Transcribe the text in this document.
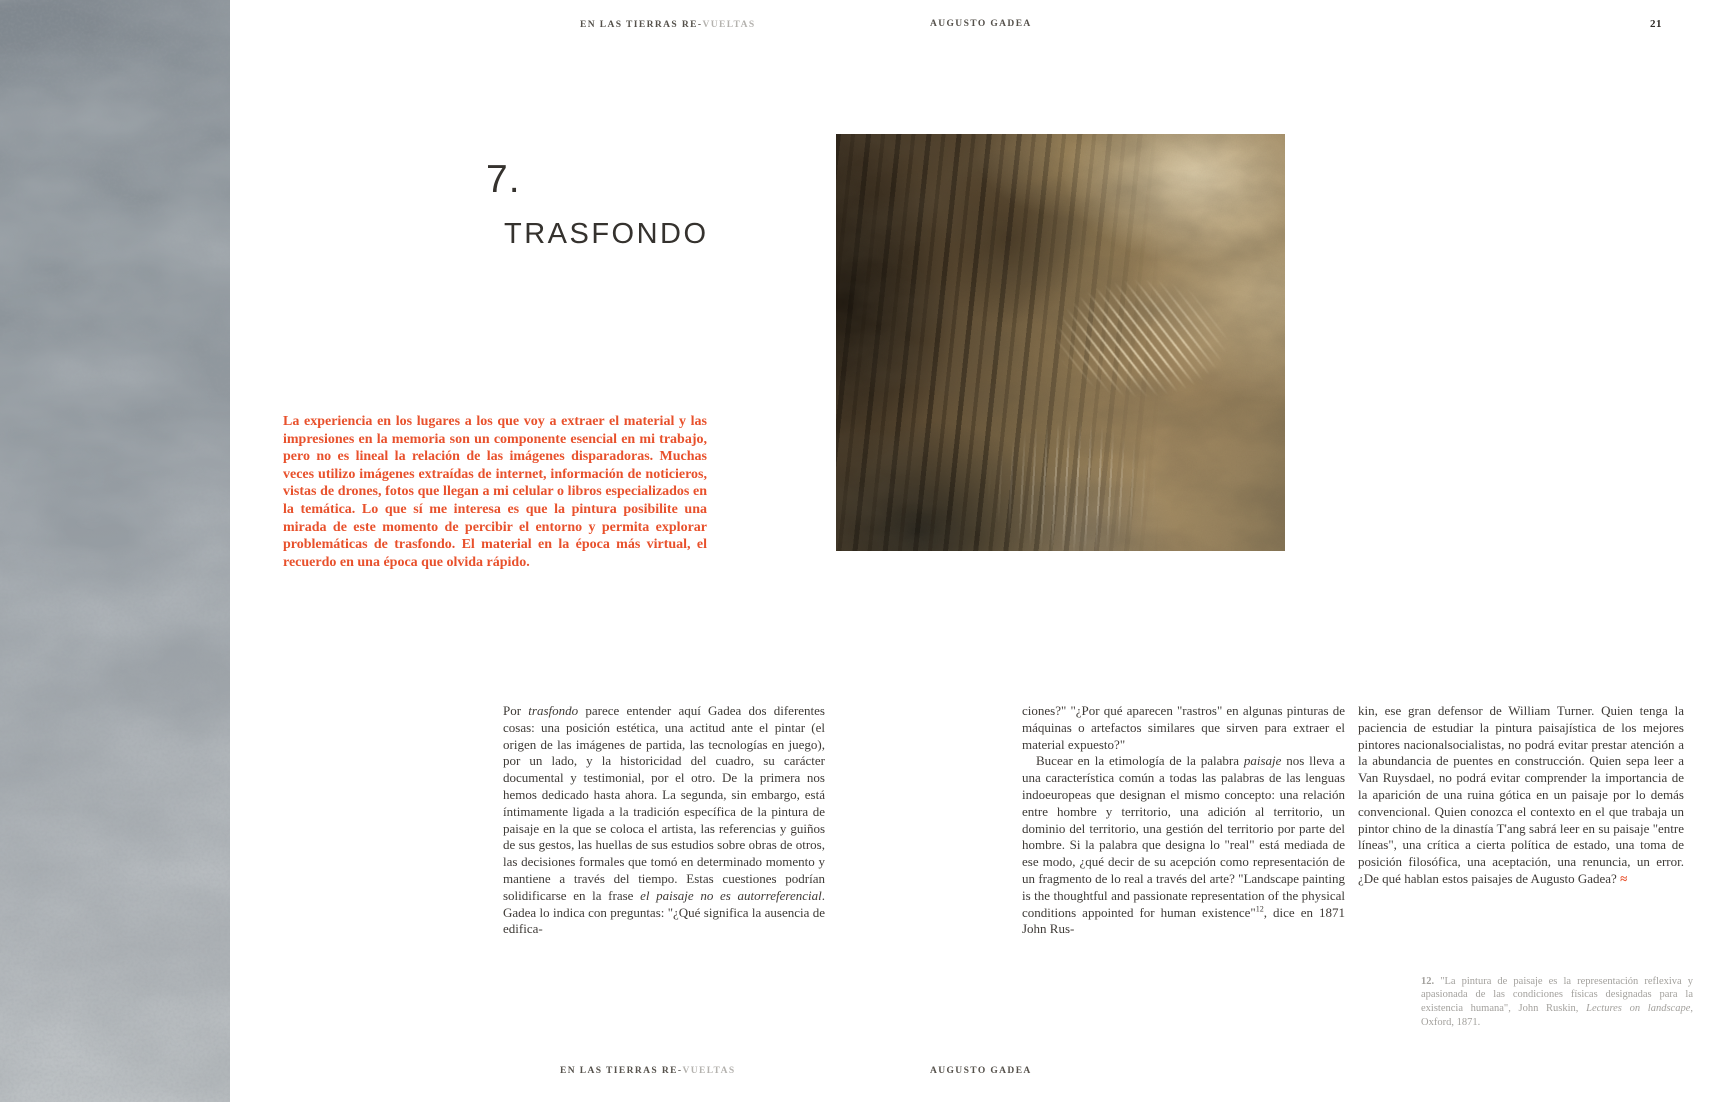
EN LAS TIERRAS RE-VUELTAS	AUGUSTO GADEA	21
7.
TRASFONDO
La experiencia en los lugares a los que voy a extraer el material y las impresiones en la memoria son un componente esencial en mi trabajo, pero no es lineal la relación de las imágenes disparadoras. Muchas veces utilizo imágenes extraídas de internet, información de noticieros, vistas de drones, fotos que llegan a mi celular o libros especializados en la temática. Lo que sí me interesa es que la pintura posibilite una mirada de este momento de percibir el entorno y permita explorar problemáticas de trasfondo. El material en la época más virtual, el recuerdo en una época que olvida rápido.

Por trasfondo parece entender aquí Gadea dos diferentes cosas: una posición estética, una actitud ante el pintar (el origen de las imágenes de partida, las tecnologías en juego), por un lado, y la historicidad del cuadro, su carácter documental y testimonial, por el otro. De la primera nos hemos dedicado hasta ahora. La segunda, sin embargo, está íntimamente ligada a la tradición específica de la pintura de paisaje en la que se coloca el artista, las referencias y guiños de sus gestos, las huellas de sus estudios sobre obras de otros, las decisiones formales que tomó en determinado momento y mantiene a través del tiempo. Estas cuestiones podrían solidificarse en la frase el paisaje no es autorreferencial. Gadea lo indica con preguntas: "¿Qué significa la ausencia de edifica-

ciones?" "¿Por qué aparecen "rastros" en algunas pinturas de máquinas o artefactos similares que sirven para extraer el material expuesto?"

Bucear en la etimología de la palabra paisaje nos lleva a una característica común a todas las palabras de las lenguas indoeuropeas que designan el mismo concepto: una relación entre hombre y territorio, una adición al territorio, un dominio del territorio, una gestión del territorio por parte del hombre. Si la palabra que designa lo "real" está mediada de ese modo, ¿qué decir de su acepción como representación de un fragmento de lo real a través del arte? "Landscape painting is the thoughtful and passionate representation of the physical conditions appointed for human existence"$^{12}$, dice en 1871 John Rus-

kin, ese gran defensor de William Turner. Quien tenga la paciencia de estudiar la pintura paisajística de los mejores pintores nacionalsocialistas, no podrá evitar prestar atención a la abundancia de puentes en construcción. Quien sepa leer a Van Ruysdael, no podrá evitar comprender la importancia de la aparición de una ruina gótica en un paisaje por lo demás convencional. Quien conozca el contexto en el que trabaja un pintor chino de la dinastía T'ang sabrá leer en su paisaje "entre líneas", una crítica a cierta política de estado, una toma de posición filosófica, una aceptación, una renuncia, un error. ¿De qué hablan estos paisajes de Augusto Gadea? ≈

12. "La pintura de paisaje es la representación reflexiva y apasionada de las condiciones físicas designadas para la existencia humana", John Ruskin, Lectures on landscape, Oxford, 1871.

EN LAS TIERRAS RE-VUELTAS	AUGUSTO GADEA
